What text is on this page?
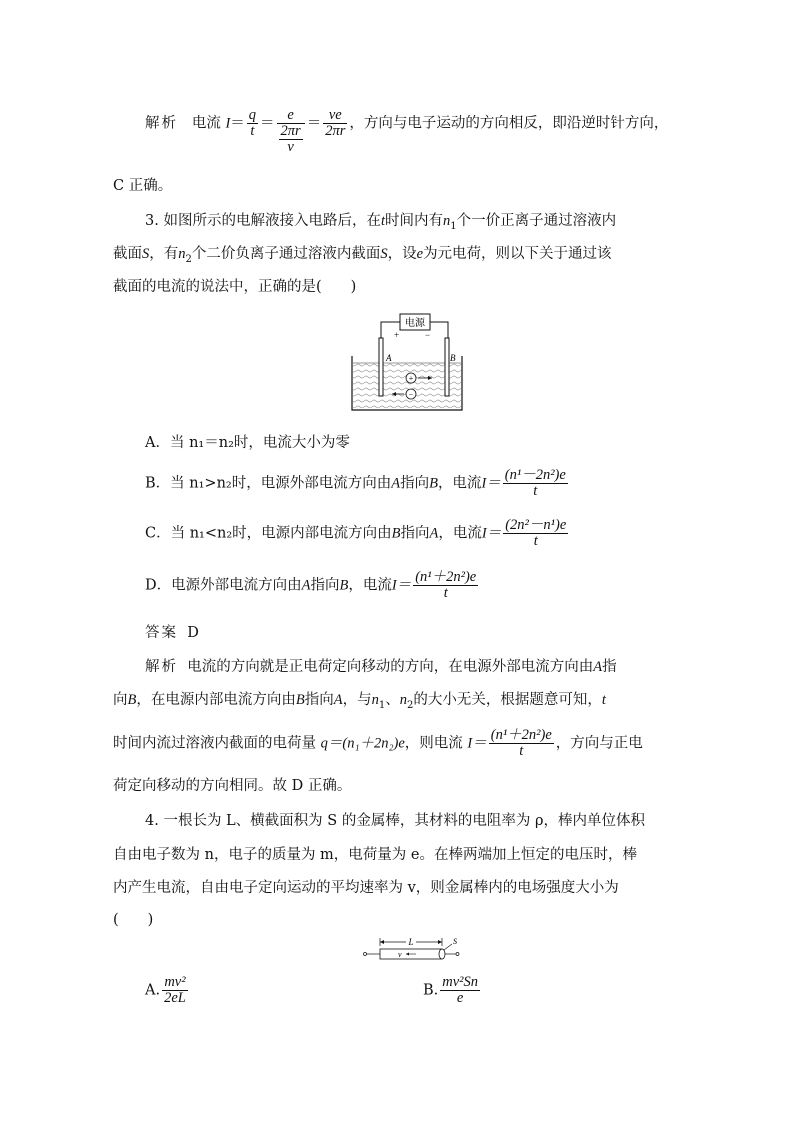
解析 电流 $I= \frac{q}{t} = \frac{e}{\frac{2\pi r}{v}} = \frac{ve}{2\pi r}$ ，方向与电子运动的方向相反，即沿逆时针方向，
C 正确。
3. 如图所示的电解液接入电路后，在t时间内有$n_1$个一价正离子通过溶液内
截面S，有$n_2$个二价负离子通过溶液内截面S，设e为元电荷，则以下关于通过该
截面的电流的说法中，正确的是(　　)
电源
+	−
A	B
+
−
A．当 n₁＝n₂时，电流大小为零
B．当 n₁>n₂时，电源外部电流方向由A指向B，电流$I= \frac{\text{(n¹－2n²)e}}{t}$
C．当 n₁<n₂时，电源内部电流方向由B指向A，电流$I= \frac{\text{(2n²－n¹)e}}{t}$
D．电源外部电流方向由A指向B，电流$I= \frac{\text{(n¹＋2n²)e}}{t}$
答案 D
解析 电流的方向就是正电荷定向移动的方向，在电源外部电流方向由A指
向B，在电源内部电流方向由B指向A，与$n_1$、$n_2$的大小无关，根据题意可知，t
时间内流过溶液内截面的电荷量 q＝(n₁＋2n₂)e，则电流 $I= \frac{\text{(n¹＋2n²)e}}{t}$ ，方向与正电
荷定向移动的方向相同。故 D 正确。
4. 一根长为 L、横截面积为 S 的金属棒，其材料的电阻率为 ρ，棒内单位体积
自由电子数为 n，电子的质量为 m，电荷量为 e。在棒两端加上恒定的电压时，棒
内产生电流，自由电子定向运动的平均速率为 v，则金属棒内的电场强度大小为
(　　)
L
v
S
A. $\frac{\text{mv²}}{2eL}$	B. $\frac{\text{mv²Sn}}{e}$
